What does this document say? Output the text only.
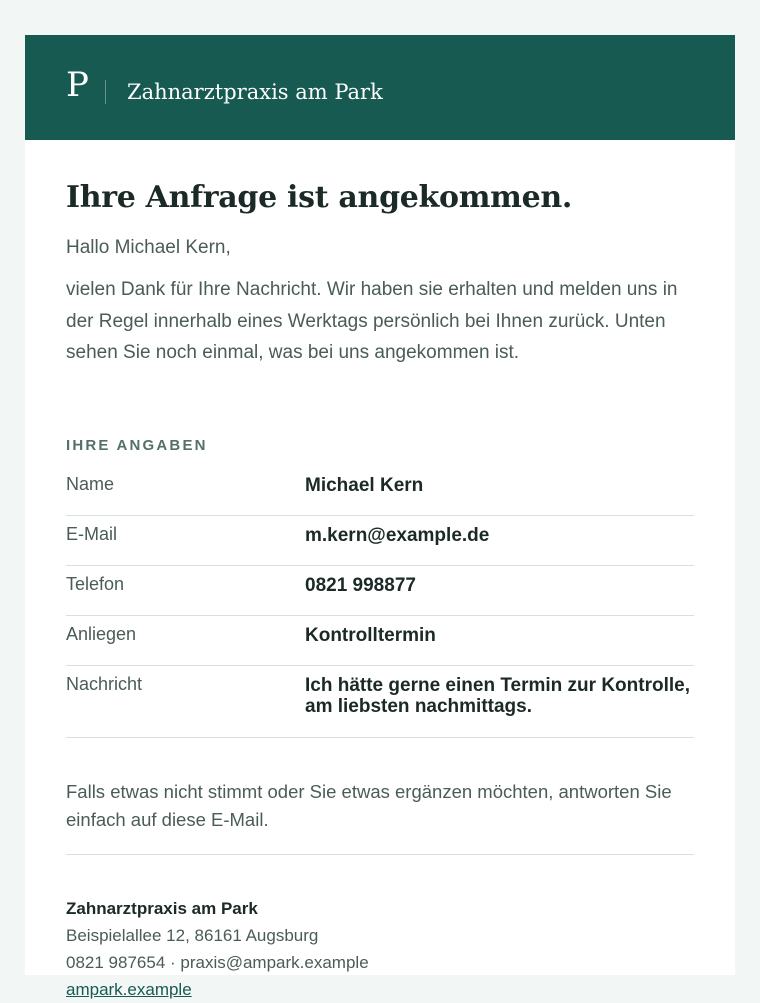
P Zahnarztpraxis am Park
Ihre Anfrage ist angekommen.
Hallo Michael Kern,
vielen Dank für Ihre Nachricht. Wir haben sie erhalten und melden uns in der Regel innerhalb eines Werktags persönlich bei Ihnen zurück. Unten sehen Sie noch einmal, was bei uns angekommen ist.
IHRE ANGABEN
Name	Michael Kern
E-Mail	m.kern@example.de
Telefon	0821 998877
Anliegen	Kontrolltermin
Nachricht	Ich hätte gerne einen Termin zur Kontrolle, am liebsten nachmittags.
Falls etwas nicht stimmt oder Sie etwas ergänzen möchten, antworten Sie einfach auf diese E-Mail.
Zahnarztpraxis am Park
Beispielallee 12, 86161 Augsburg
0821 987654 · praxis@ampark.example
ampark.example
